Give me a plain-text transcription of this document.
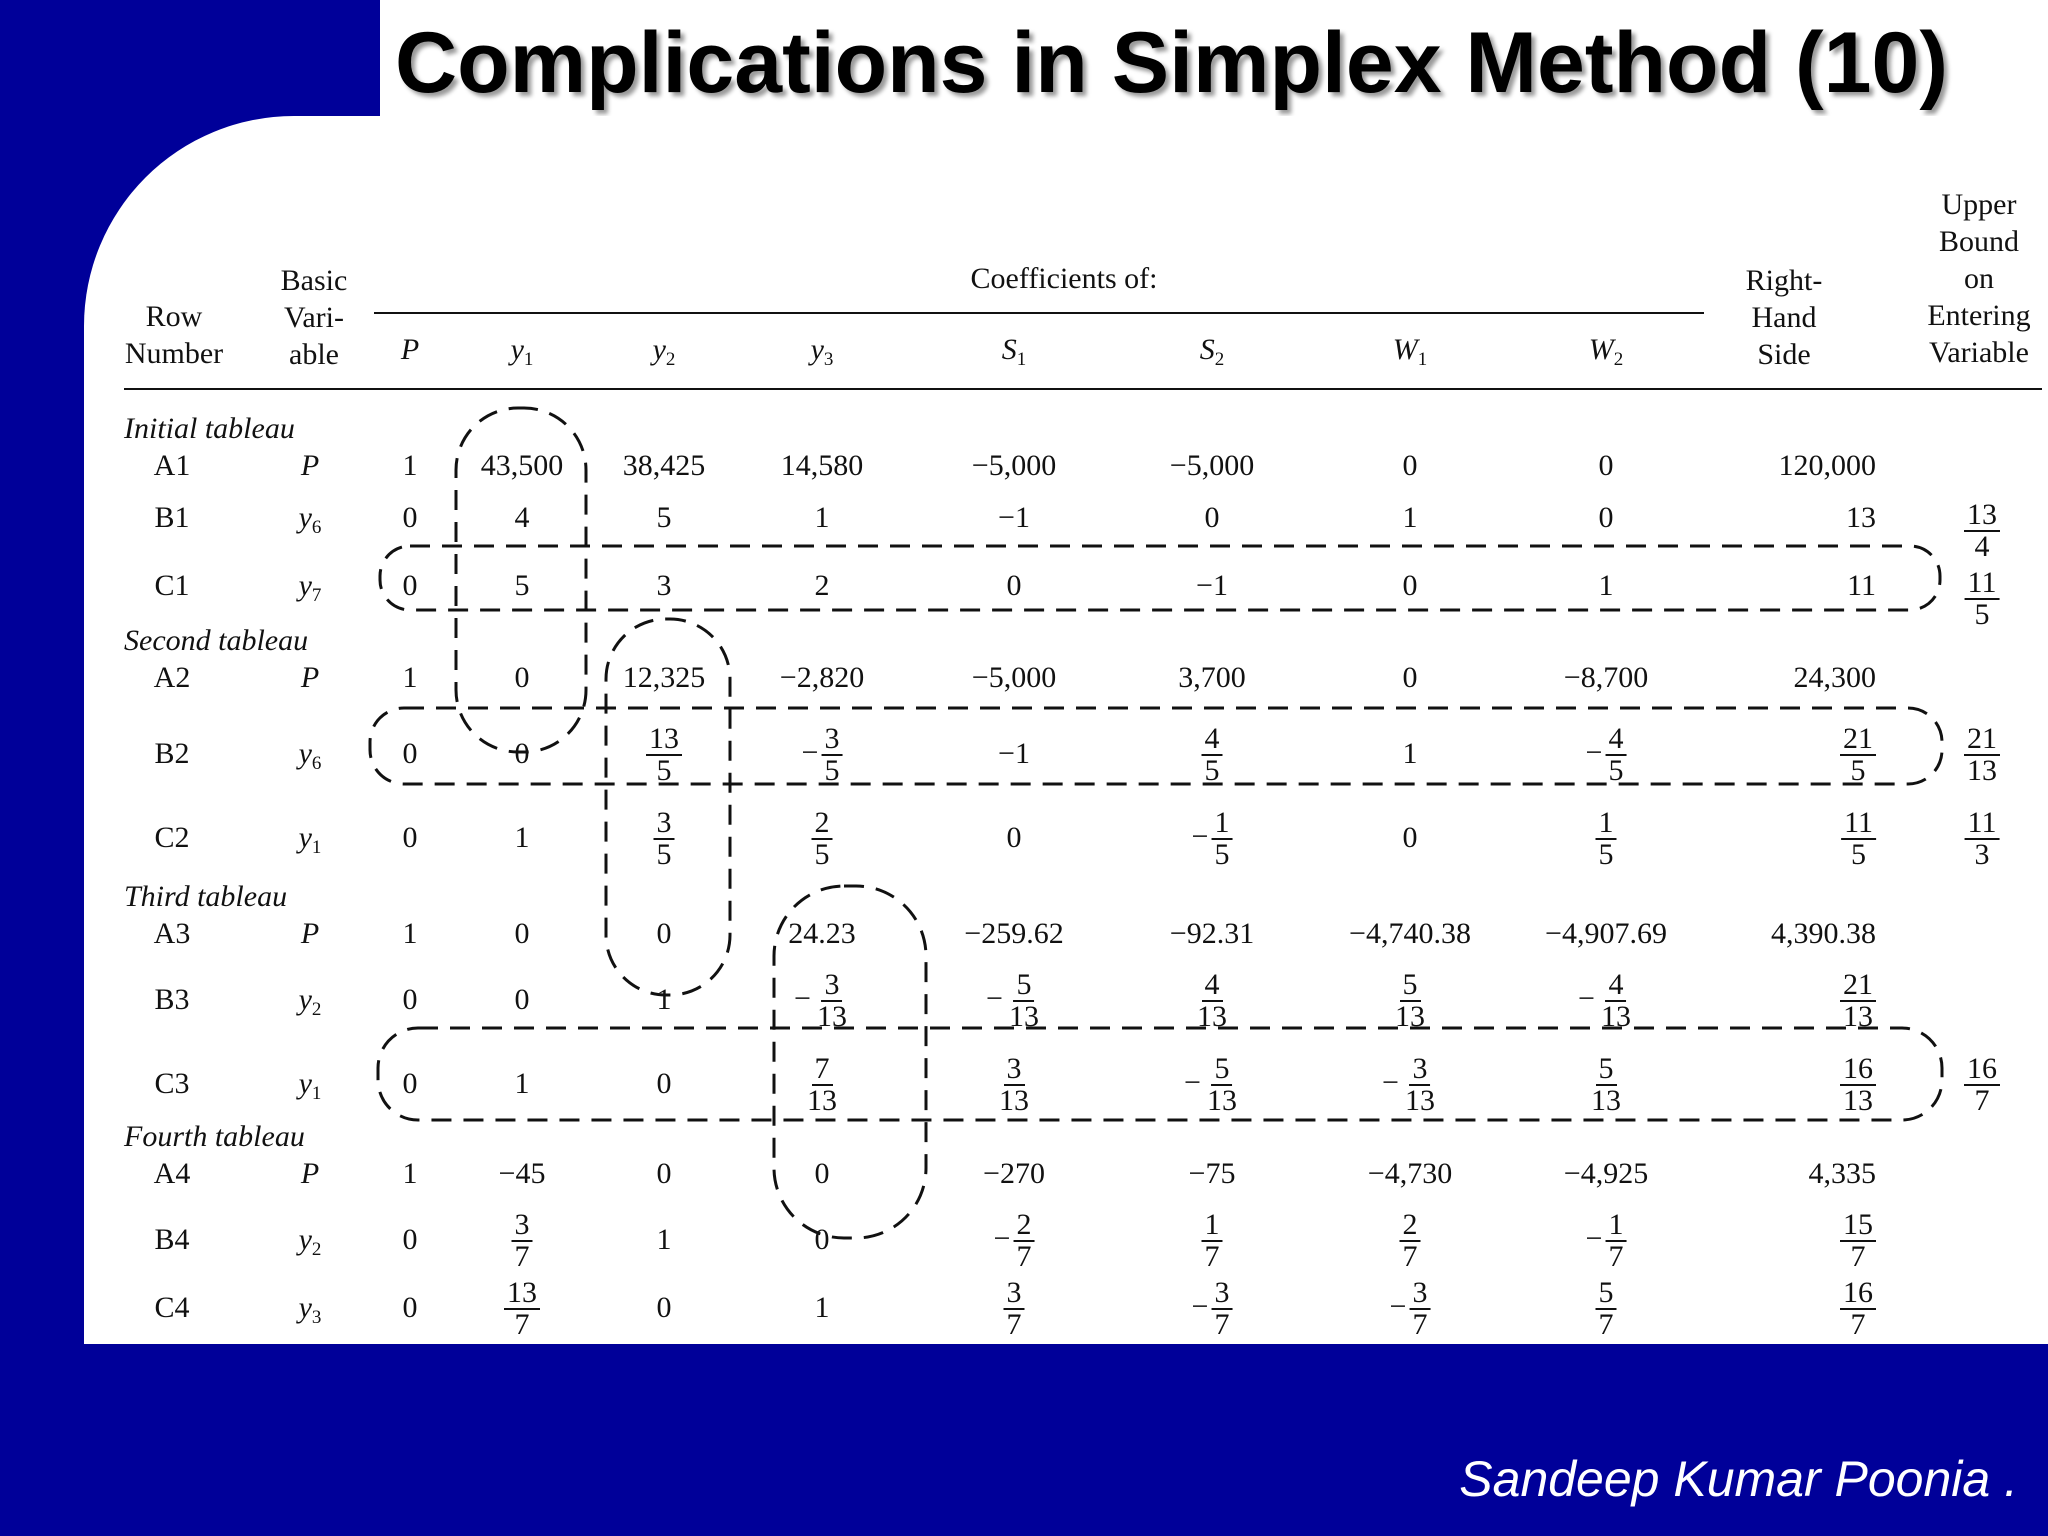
Complications in Simplex Method (10)
Row
Number
Basic
Vari-
able
Coefficients of:
P	$y_1$	$y_2$	$y_3$	$S_1$	$S_2$	$W_1$	$W_2$
Right-
Hand
Side
Upper
Bound
on
Entering
Variable
Initial tableau
A1	P	1 43,500 38,425	14,580	−5,000	−5,000	0	0	120,000
B1	$y_6$	0	4	5	1	−1	0	1	0	13	$\frac{13}{4}$
C1	$y_7$	0	5	3	2	0	−1	0	1	11	$\frac{11}{5}$
Second tableau
A2	P	1	0	12,325 −2,820	−5,000	3,700	0	−8,700	24,300
B2	$y_6$	0	0	$\frac{13}{5}$	− $\frac{3}{5}$	−1	$\frac{4}{5}$	1	− $\frac{4}{5}$	$\frac{21}{5}$	$\frac{21}{13}$
C2	$y_1$	0	1	$\frac{3}{5}$	$\frac{2}{5}$	0	− $\frac{1}{5}$	0	$\frac{1}{5}$	$\frac{11}{5}$	$\frac{11}{3}$
Third tableau
A3	P	1	0	0	24.23	−259.62	−92.31	−4,740.38 −4,907.69	4,390.38
B3	$y_2$	0	0	1	− $\frac{3}{13}$	− $\frac{5}{13}$	$\frac{4}{13}$	$\frac{5}{13}$	− $\frac{4}{13}$	$\frac{21}{13}$
C3	$y_1$	0	1	0	$\frac{7}{13}$	$\frac{3}{13}$	− $\frac{5}{13}$	− $\frac{3}{13}$	$\frac{5}{13}$	$\frac{16}{13}$	$\frac{16}{7}$
Fourth tableau
A4	P	1	−45	0	0	−270	−75	−4,730	−4,925	4,335
B4	$y_2$	0	$\frac{3}{7}$	1	0	− $\frac{2}{7}$	$\frac{1}{7}$	$\frac{2}{7}$	− $\frac{1}{7}$	$\frac{15}{7}$
C4	$y_3$	0	$\frac{13}{7}$	0	1	$\frac{3}{7}$	− $\frac{3}{7}$	− $\frac{3}{7}$	$\frac{5}{7}$	$\frac{16}{7}$
Sandeep Kumar Poonia .
